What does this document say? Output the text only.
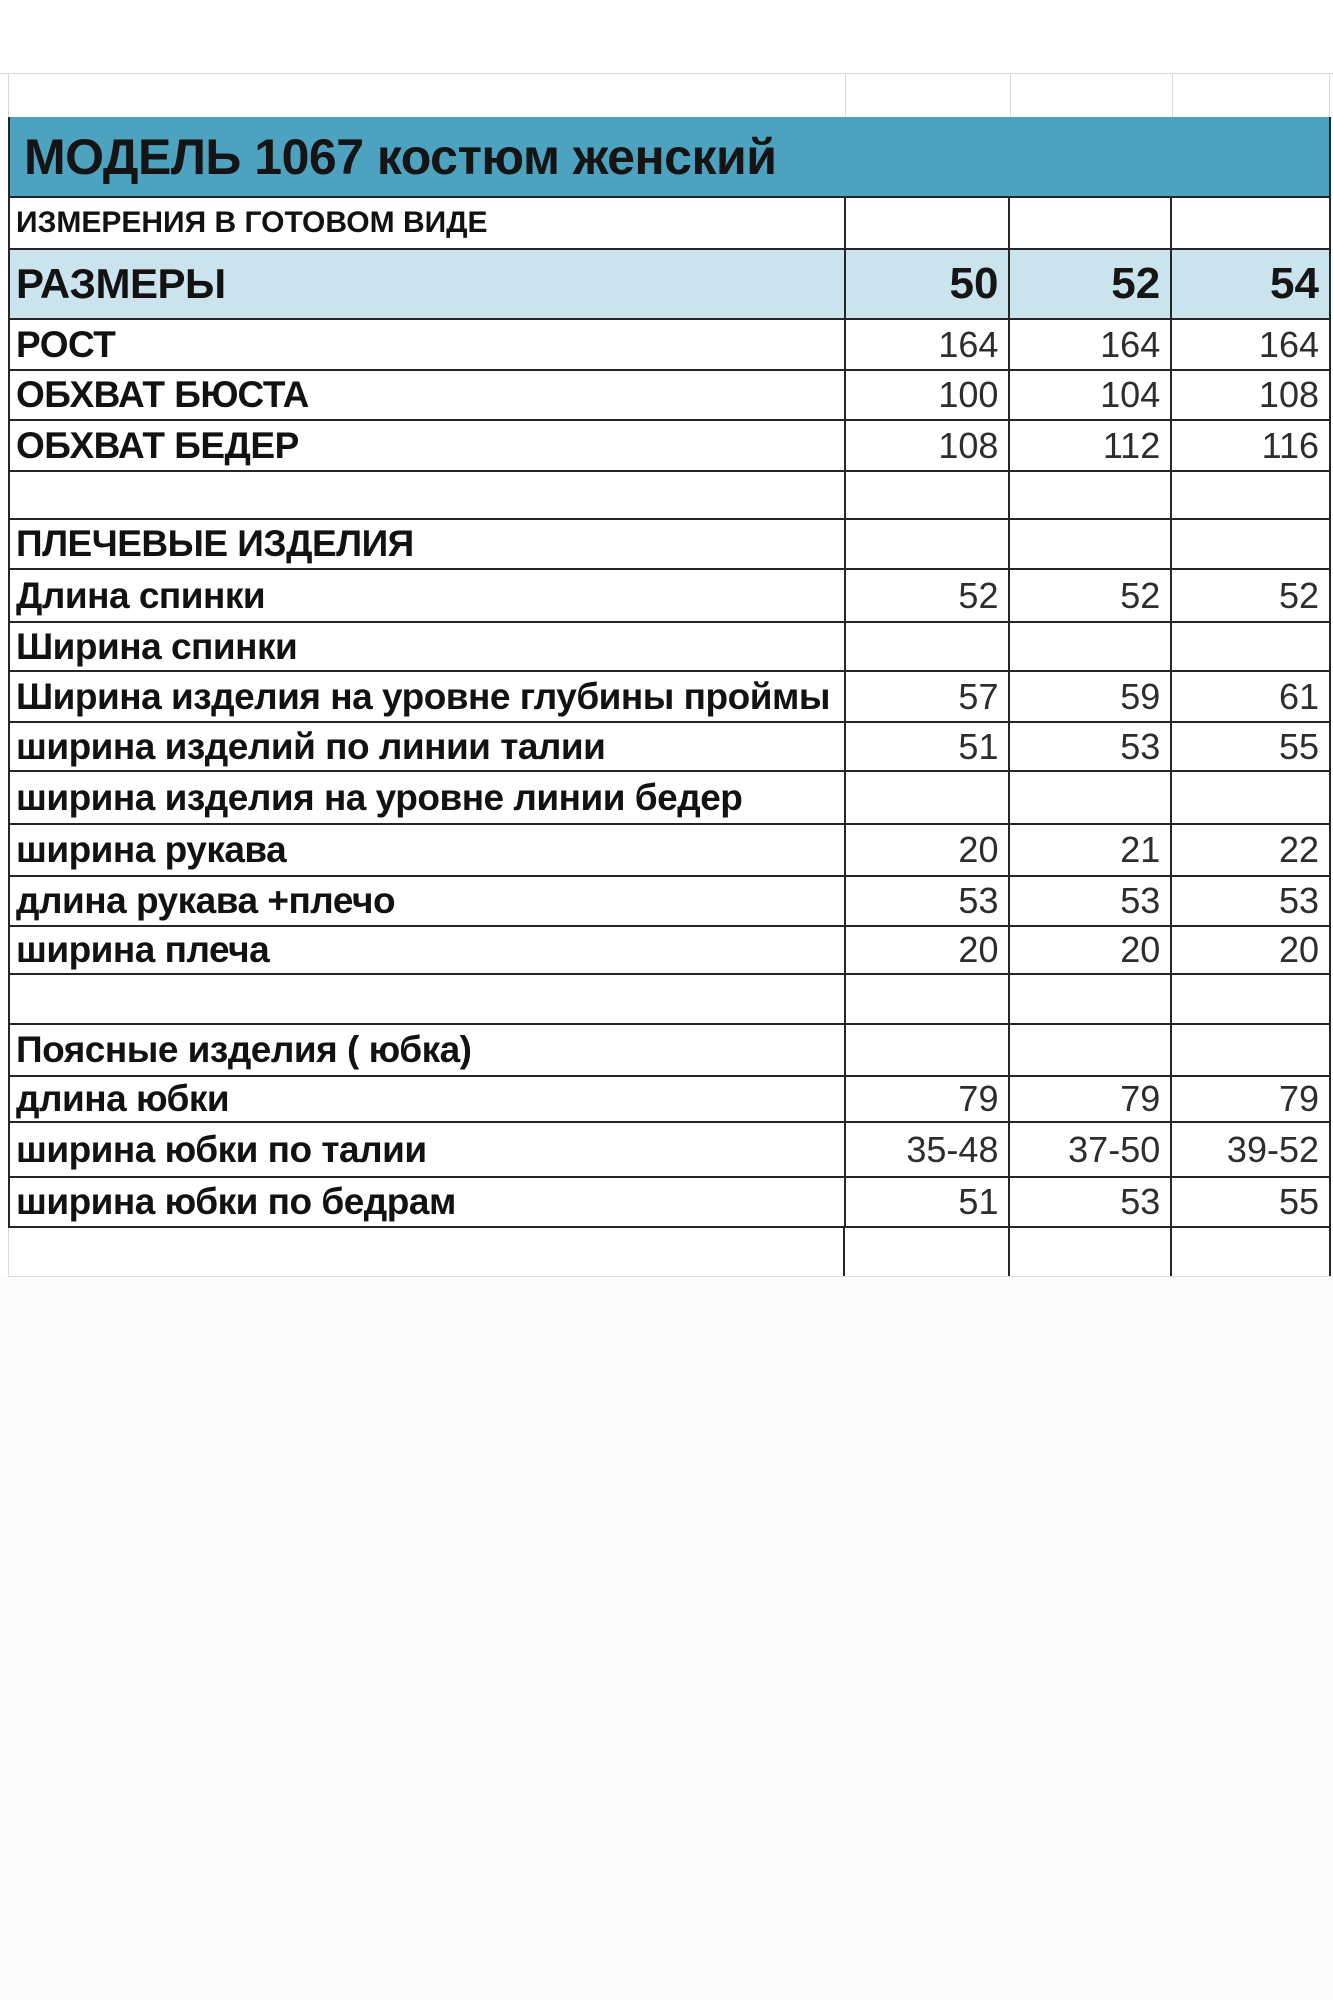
МОДЕЛЬ 1067 костюм женский
ИЗМЕРЕНИЯ В ГОТОВОМ ВИДЕ
РАЗМЕРЫ	50	52	54
РОСТ	164	164	164
ОБХВАТ БЮСТА	100	104	108
ОБХВАТ БЕДЕР	108	112	116
ПЛЕЧЕВЫЕ ИЗДЕЛИЯ
Длина спинки	52	52	52
Ширина спинки
Ширина изделия на уровне глубины проймы	57	59	61
ширина изделий по линии талии	51	53	55
ширина изделия на уровне линии бедер
ширина рукава	20	21	22
длина рукава +плечо	53	53	53
ширина плеча	20	20	20
Поясные изделия ( юбка)
длина юбки	79	79	79
ширина юбки по талии	35-48	37-50	39-52
ширина юбки по бедрам	51	53	55
